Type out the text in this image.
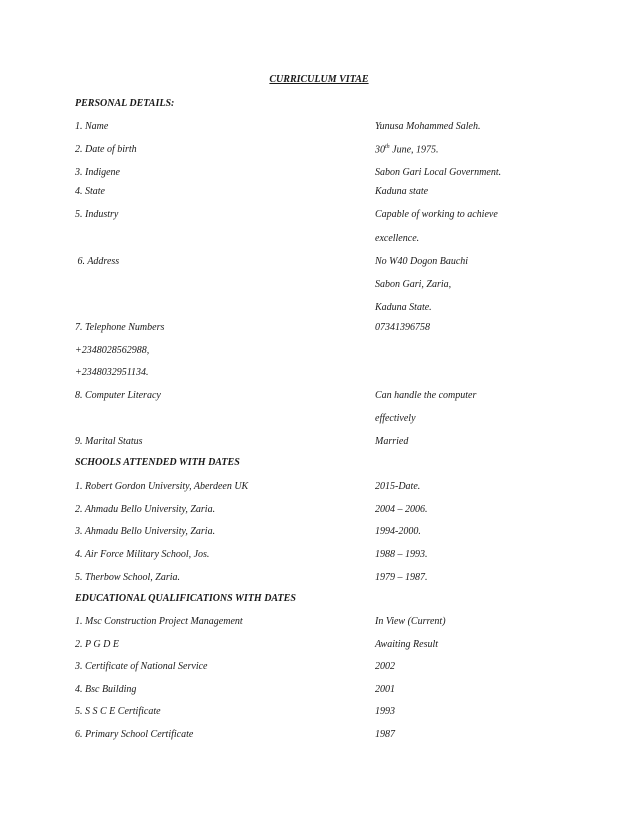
CURRICULUM VITAE
PERSONAL DETAILS:
1. Name	Yunusa Mohammed Saleh.
2. Date of birth	30th June, 1975.
3. Indigene	Sabon Gari Local Government.
4. State	Kaduna state
5. Industry	Capable of working to achieve
excellence.
6. Address	No W40 Dogon Bauchi
Sabon Gari, Zaria,
Kaduna State.
7. Telephone Numbers	07341396758
+2348028562988,
+2348032951134.
8. Computer Literacy	Can handle the computer
effectively
9. Marital Status	Married
SCHOOLS ATTENDED WITH DATES
1. Robert Gordon University, Aberdeen UK	2015-Date.
2. Ahmadu Bello University, Zaria.	2004 – 2006.
3. Ahmadu Bello University, Zaria.	1994-2000.
4. Air Force Military School, Jos.	1988 – 1993.
5. Therbow School, Zaria.	1979 – 1987.
EDUCATIONAL QUALIFICATIONS WITH DATES
1. Msc Construction Project Management	In View (Current)
2. P G D E	Awaiting Result
3. Certificate of National Service	2002
4. Bsc Building	2001
5. S S C E Certificate	1993
6. Primary School Certificate	1987
